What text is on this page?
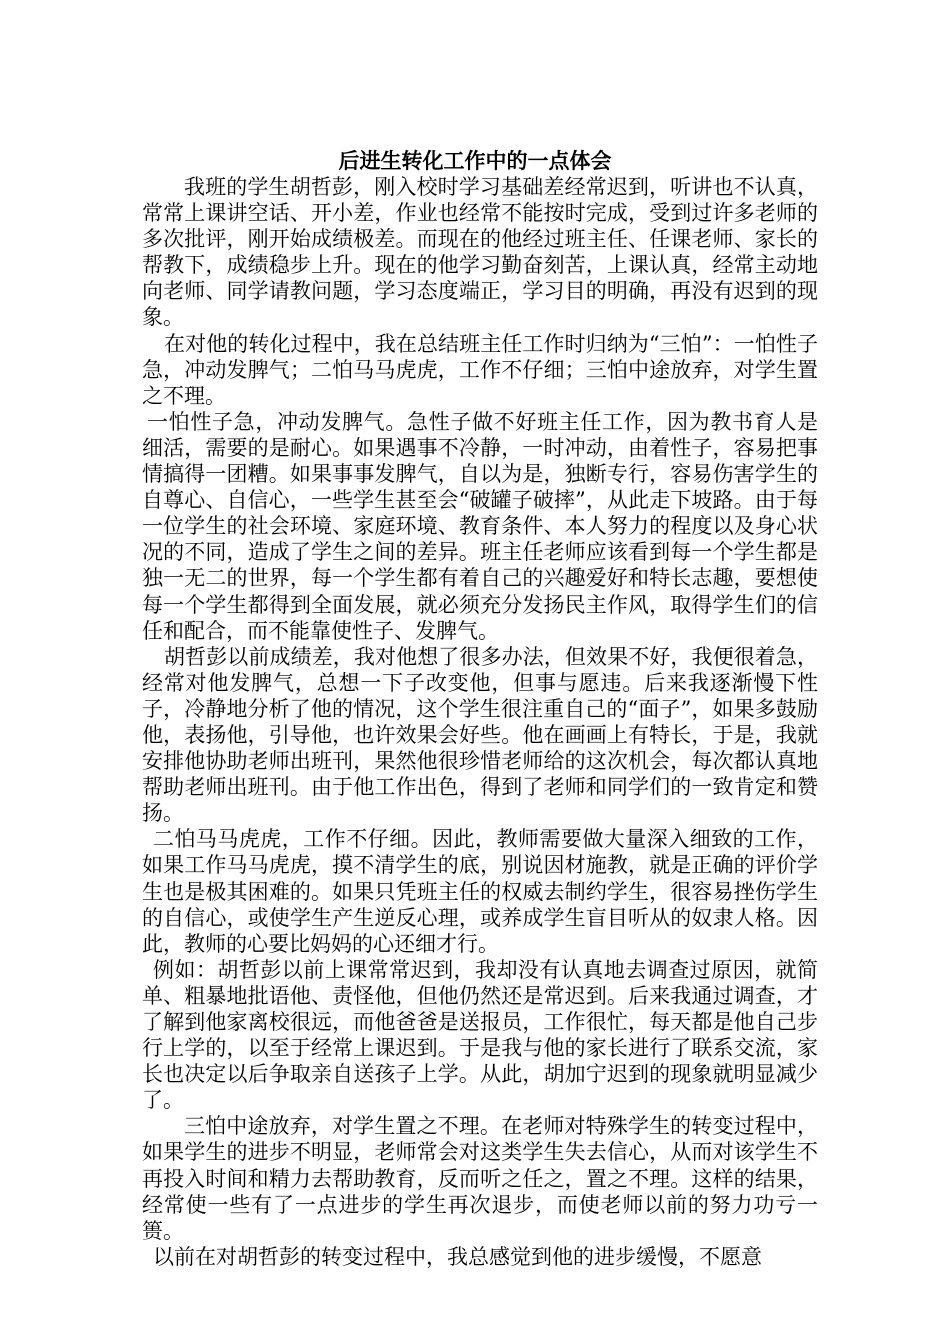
后进生转化工作中的一点体会

我班的学生胡哲彭，刚入校时学习基础差经常迟到，听讲也不认真，常常上课讲空话、开小差，作业也经常不能按时完成，受到过许多老师的多次批评，刚开始成绩极差。而现在的他经过班主任、任课老师、家长的帮教下，成绩稳步上升。现在的他学习勤奋刻苦，上课认真，经常主动地向老师、同学请教问题，学习态度端正，学习目的明确，再没有迟到的现象。

在对他的转化过程中，我在总结班主任工作时归纳为“三怕”：一怕性子急，冲动发脾气；二怕马马虎虎，工作不仔细；三怕中途放弃，对学生置之不理。

一怕性子急，冲动发脾气。急性子做不好班主任工作，因为教书育人是细活，需要的是耐心。如果遇事不冷静，一时冲动，由着性子，容易把事情搞得一团糟。如果事事发脾气，自以为是，独断专行，容易伤害学生的自尊心、自信心，一些学生甚至会“破罐子破摔”，从此走下坡路。由于每一位学生的社会环境、家庭环境、教育条件、本人努力的程度以及身心状况的不同，造成了学生之间的差异。班主任老师应该看到每一个学生都是独一无二的世界，每一个学生都有着自己的兴趣爱好和特长志趣，要想使每一个学生都得到全面发展，就必须充分发扬民主作风，取得学生们的信任和配合，而不能靠使性子、发脾气。

胡哲彭以前成绩差，我对他想了很多办法，但效果不好，我便很着急，经常对他发脾气，总想一下子改变他，但事与愿违。后来我逐渐慢下性子，冷静地分析了他的情况，这个学生很注重自己的“面子”，如果多鼓励他，表扬他，引导他，也许效果会好些。他在画画上有特长，于是，我就安排他协助老师出班刊，果然他很珍惜老师给的这次机会，每次都认真地帮助老师出班刊。由于他工作出色，得到了老师和同学们的一致肯定和赞扬。

二怕马马虎虎，工作不仔细。因此，教师需要做大量深入细致的工作，如果工作马马虎虎，摸不清学生的底，别说因材施教，就是正确的评价学生也是极其困难的。如果只凭班主任的权威去制约学生，很容易挫伤学生的自信心，或使学生产生逆反心理，或养成学生盲目听从的奴隶人格。因此，教师的心要比妈妈的心还细才行。

例如：胡哲彭以前上课常常迟到，我却没有认真地去调查过原因，就简单、粗暴地批语他、责怪他，但他仍然还是常迟到。后来我通过调查，才了解到他家离校很远，而他爸爸是送报员，工作很忙，每天都是他自己步行上学的，以至于经常上课迟到。于是我与他的家长进行了联系交流，家长也决定以后争取亲自送孩子上学。从此，胡加宁迟到的现象就明显减少了。

三怕中途放弃，对学生置之不理。在老师对特殊学生的转变过程中，如果学生的进步不明显，老师常会对这类学生失去信心，从而对该学生不再投入时间和精力去帮助教育，反而听之任之，置之不理。这样的结果，经常使一些有了一点进步的学生再次退步，而使老师以前的努力功亏一篑。

以前在对胡哲彭的转变过程中，我总感觉到他的进步缓慢，不愿意
